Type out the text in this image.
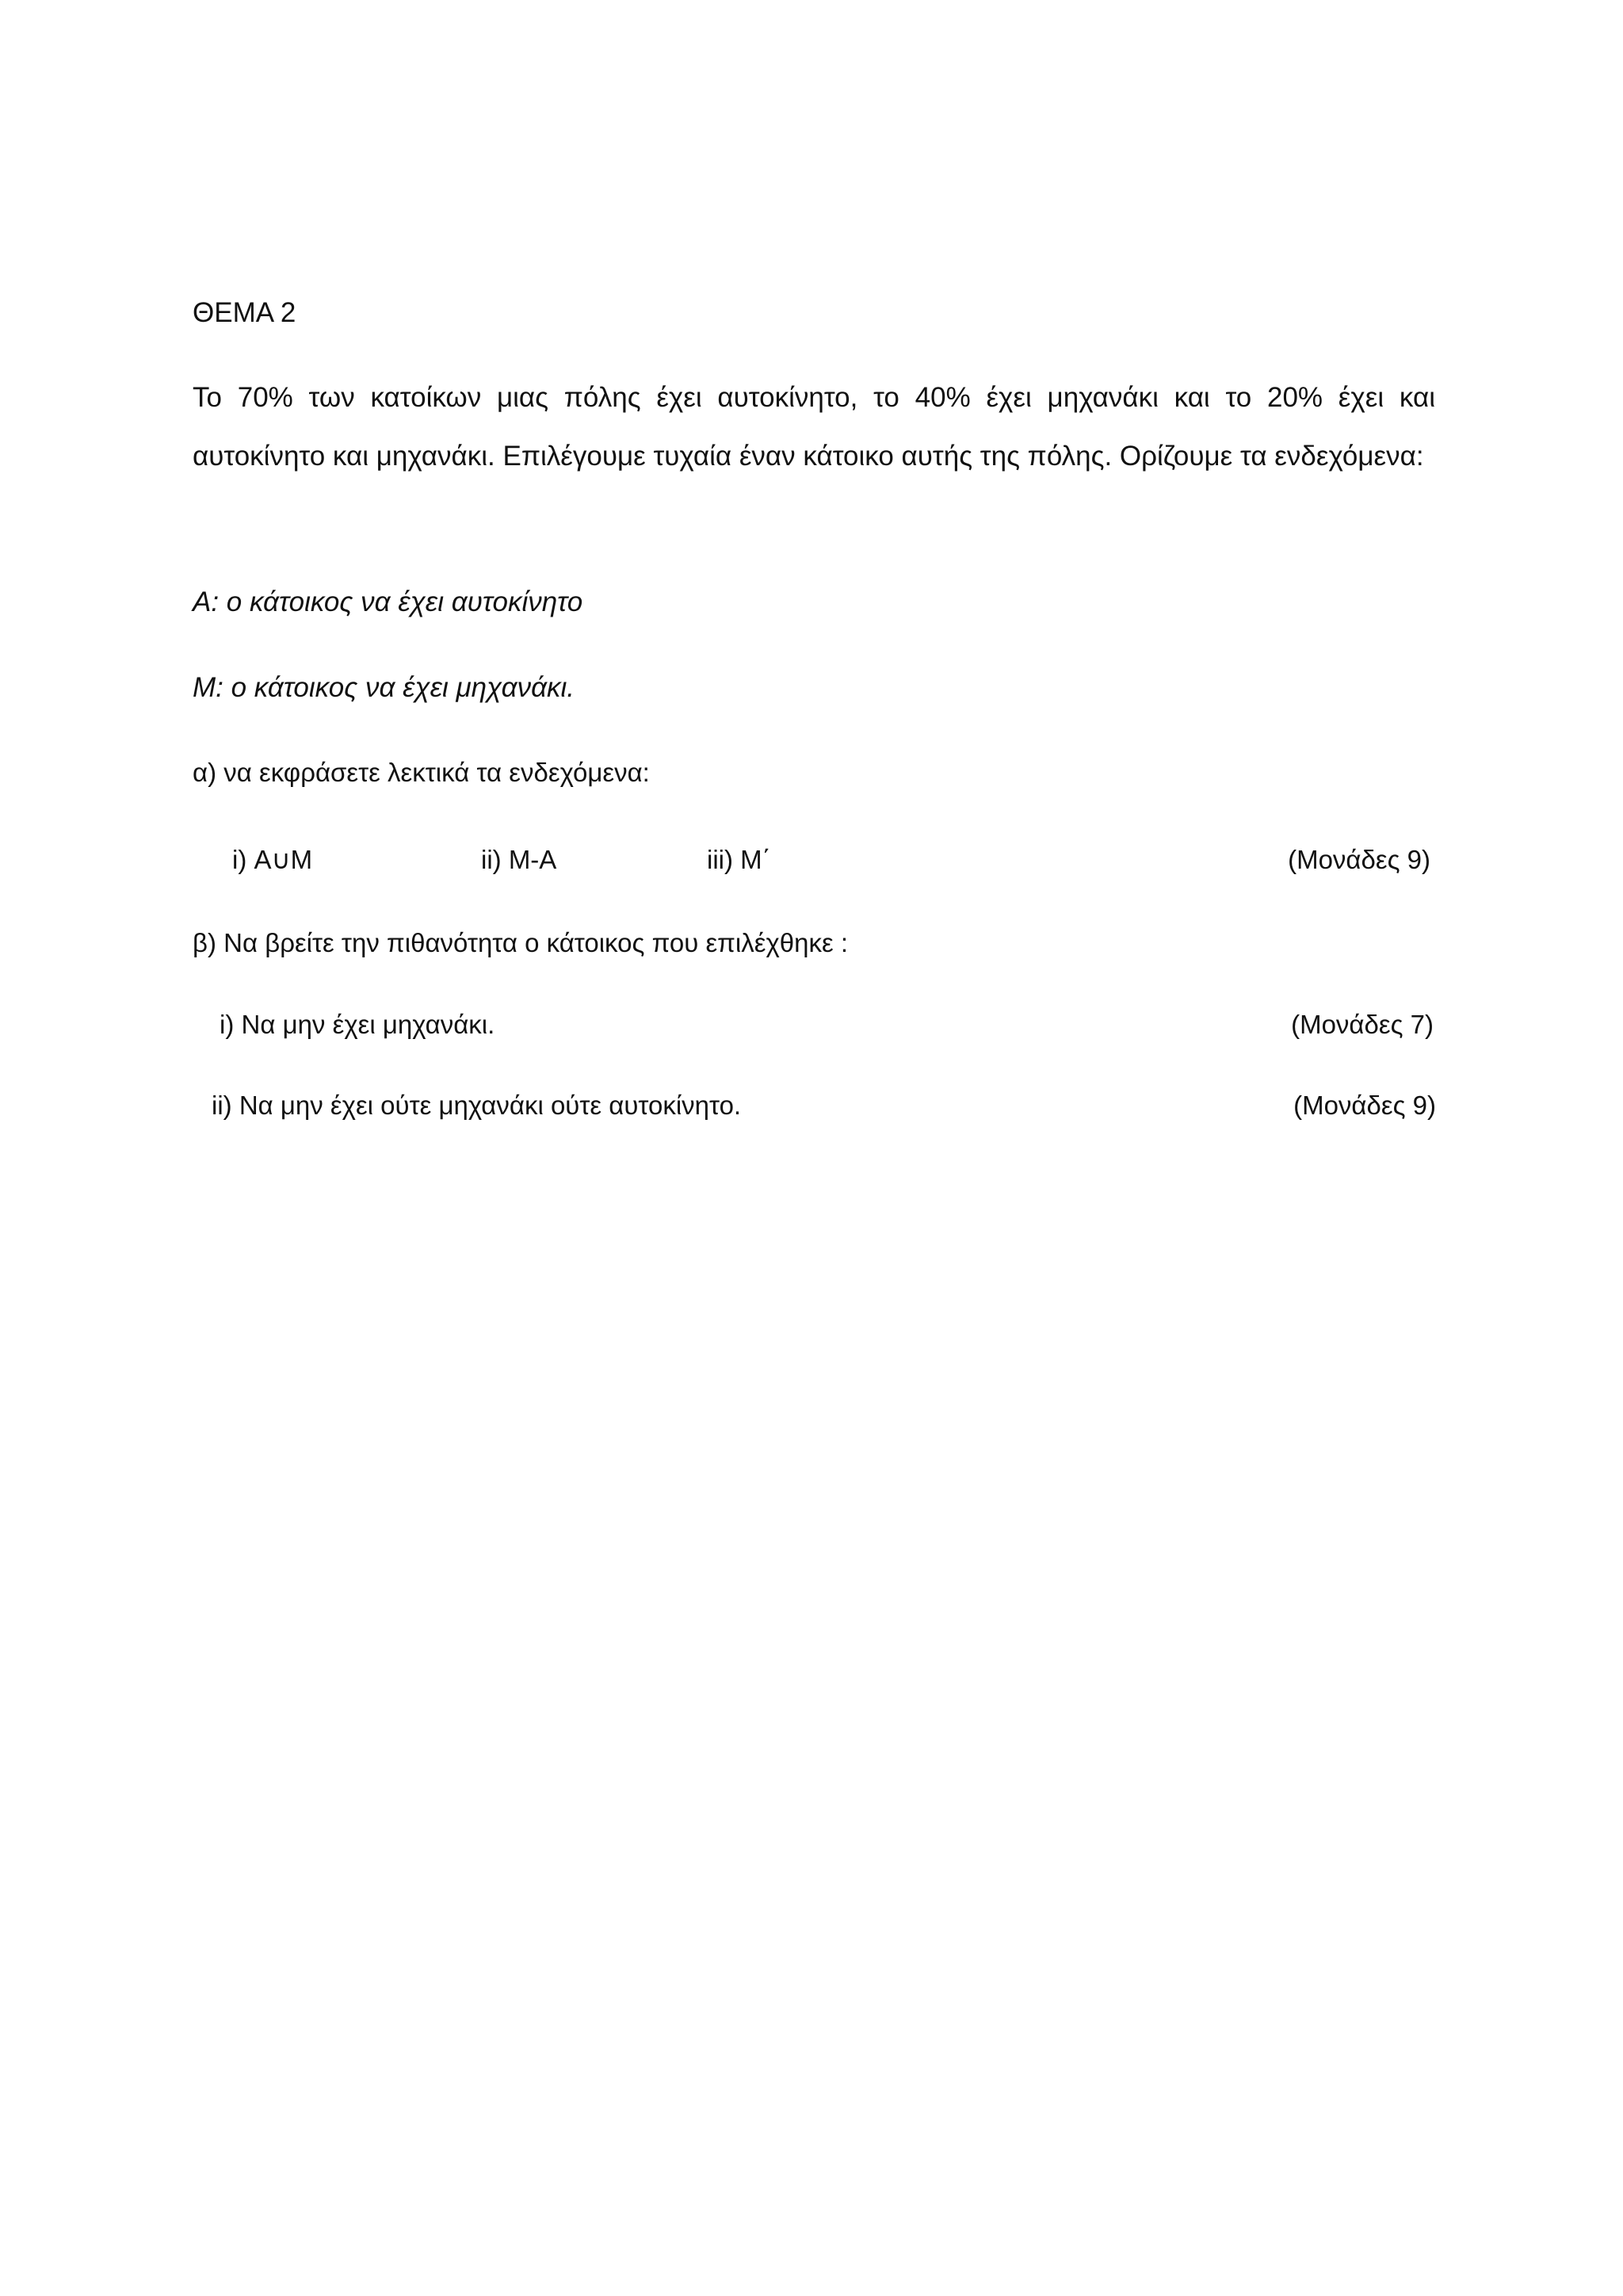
ΘΕΜΑ 2
Το 70% των κατοίκων μιας πόλης έχει αυτοκίνητο, το 40% έχει μηχανάκι και το 20% έχει και αυτοκίνητο και μηχανάκι. Επιλέγουμε τυχαία έναν κάτοικο αυτής της πόλης. Ορίζουμε τα ενδεχόμενα:
Α: ο κάτοικος να έχει αυτοκίνητο
Μ: ο κάτοικος να έχει μηχανάκι.
α) να εκφράσετε λεκτικά τα ενδεχόμενα:
i) Α∪Μ	ii) Μ-Α	iii) Μ΄	(Μονάδες 9)
β) Να βρείτε την πιθανότητα ο κάτοικος που επιλέχθηκε :
i) Να μην έχει μηχανάκι.	(Μονάδες 7)
ii) Να μην έχει ούτε μηχανάκι ούτε αυτοκίνητο.	(Μονάδες 9)
